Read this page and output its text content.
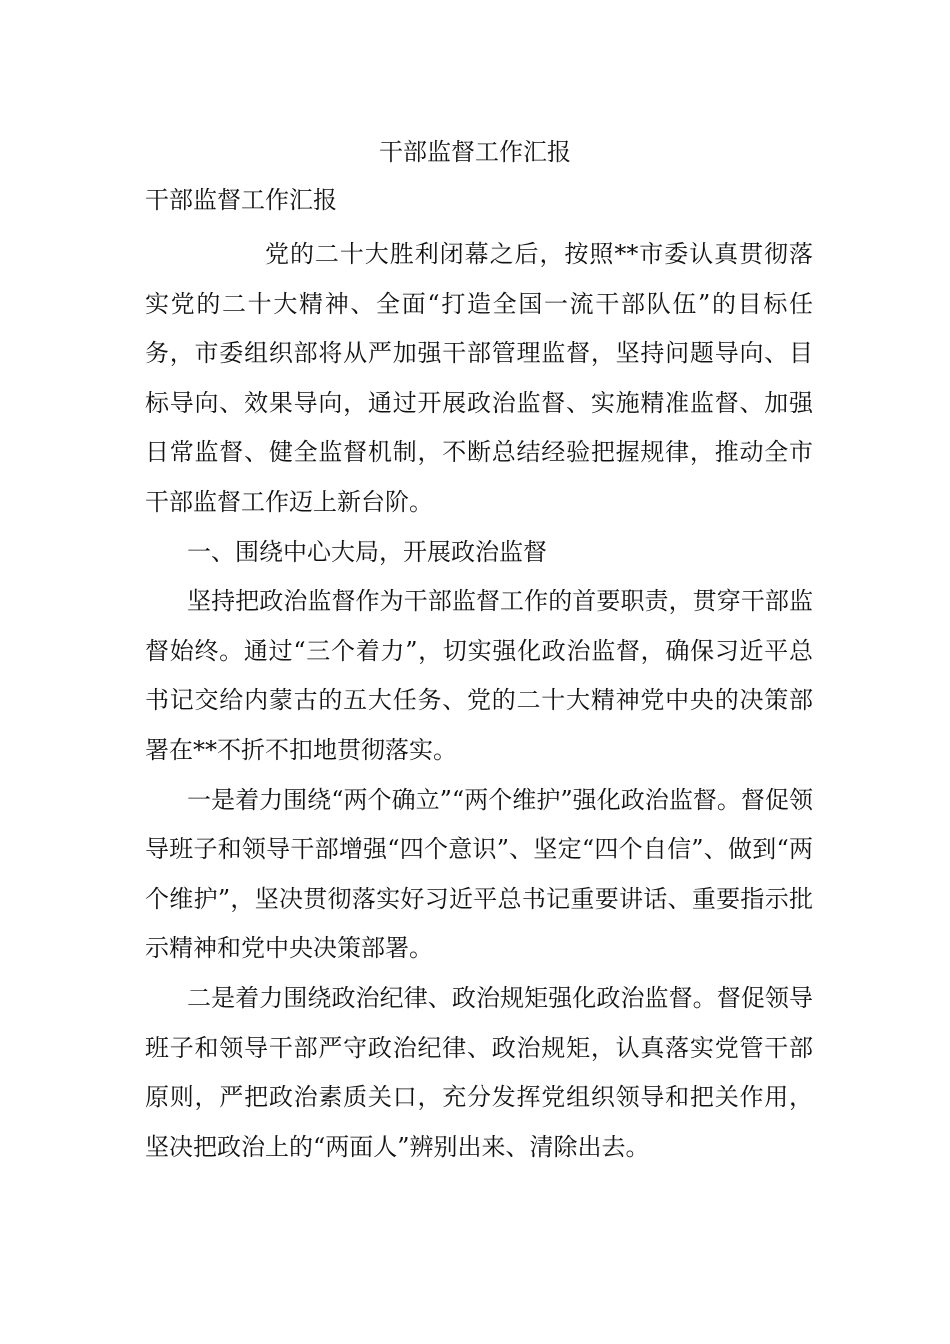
干部监督工作汇报
干部监督工作汇报

党的二十大胜利闭幕之后，按照**市委认真贯彻落实党的二十大精神、全面“打造全国一流干部队伍”的目标任务，市委组织部将从严加强干部管理监督，坚持问题导向、目标导向、效果导向，通过开展政治监督、实施精准监督、加强日常监督、健全监督机制，不断总结经验把握规律，推动全市干部监督工作迈上新台阶。

一、围绕中心大局，开展政治监督

坚持把政治监督作为干部监督工作的首要职责，贯穿干部监督始终。通过“三个着力”，切实强化政治监督，确保习近平总书记交给内蒙古的五大任务、党的二十大精神党中央的决策部署在**不折不扣地贯彻落实。

一是着力围绕“两个确立”“两个维护”强化政治监督。督促领导班子和领导干部增强“四个意识”、坚定“四个自信”、做到“两个维护”，坚决贯彻落实好习近平总书记重要讲话、重要指示批示精神和党中央决策部署。

二是着力围绕政治纪律、政治规矩强化政治监督。督促领导班子和领导干部严守政治纪律、政治规矩，认真落实党管干部原则，严把政治素质关口，充分发挥党组织领导和把关作用，坚决把政治上的“两面人”辨别出来、清除出去。
